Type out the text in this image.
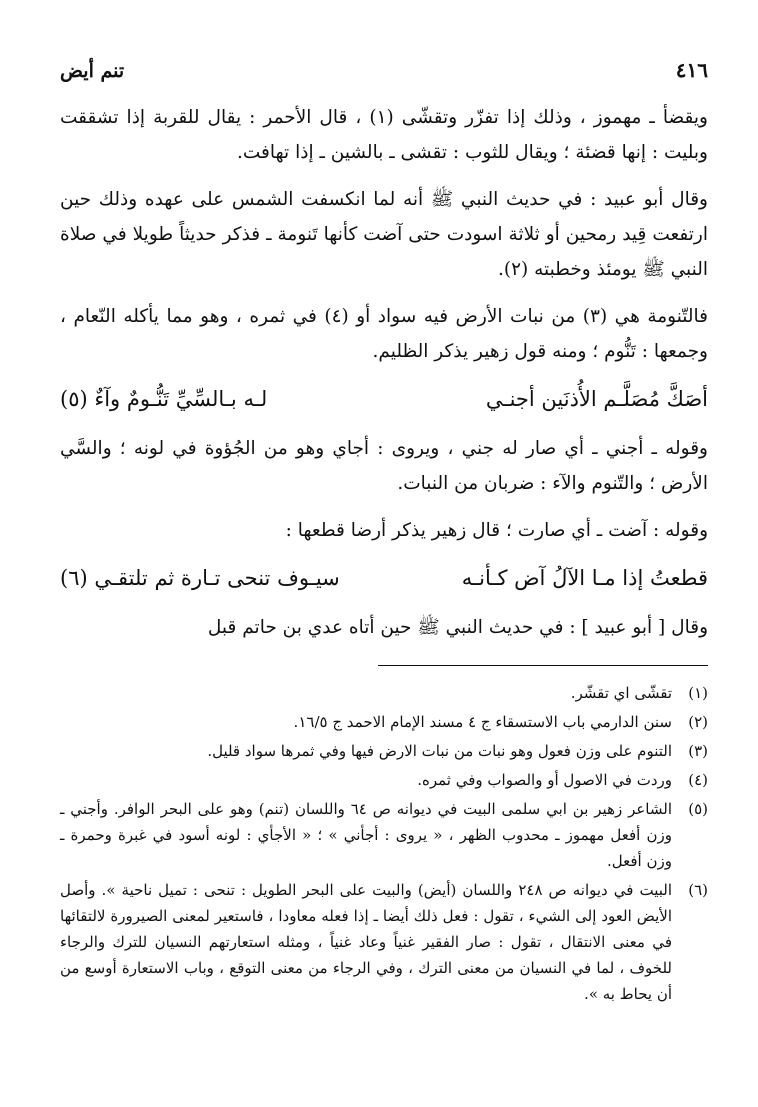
٤١٦
تنم أيض

ويقضأ ـ مهموز ، وذلك إذا تفزّر وتقشّى (١) ، قال الأحمر : يقال للقربة إذا تشققت وبليت : إنها قضئة ؛ ويقال للثوب : تقشى ـ بالشين ـ إذا تهافت.

وقال أبو عبيد : في حديث النبي ﷺ أنه لما انكسفت الشمس على عهده وذلك حين ارتفعت قِيد رمحين أو ثلاثة اسودت حتى آضت كأنها تَنومة ـ فذكر حديثاً طويلا في صلاة النبي ﷺ يومئذ وخطبته (٢).

فالتّنومة هي (٣) من نبات الأرض فيه سواد أو (٤) في ثمره ، وهو مما يأكله النّعام ، وجمعها : تَنُّوم ؛ ومنه قول زهير يذكر الظليم.

أصَكَّ مُصَلَّـم الأُذنَين أجنـي
لـه بـالسِّيِّ تَنُّـومٌ وآءٌ (٥)

وقوله ـ أجني ـ أي صار له جني ، ويروى : أجاي وهو من الجُؤوة في لونه ؛ والسَّي الأرض ؛ والتّنوم والآء : ضربان من النبات.

وقوله : آضت ـ أي صارت ؛ قال زهير يذكر أرضا قطعها :

قطعتُ إذا مـا الآلُ آض كـأنـه
سيـوف تنحى تـارة ثم تلتقـي (٦)

وقال [ أبو عبيد ] : في حديث النبي ﷺ حين أتاه عدي بن حاتم قبل

(١)
تقشّى اي تقشّر.
(٢)
سنن الدارمي باب الاستسقاء ج ٤ مسند الإمام الاحمد ج ١٦/٥.
(٣)
التنوم على وزن فعول وهو نبات من نبات الارض فيها وفي ثمرها سواد قليل.
(٤)
وردت في الاصول أو والصواب وفي ثمره.
(٥)
الشاعر زهير بن ابي سلمى البيت في ديوانه ص ٦٤ واللسان (تنم) وهو على البحر الوافر. وأجني ـ وزن أفعل مهموز ـ محدوب الظهر ، « يروى : أجأني » ؛ « الأجأي : لونه أسود في غبرة وحمرة ـ وزن أفعل.
(٦)
البيت في ديوانه ص ٢٤٨ واللسان (أيض) والبيت على البحر الطويل : تنحى : تميل ناحية ». وأصل الأيض العود إلى الشيء ، تقول : فعل ذلك أيضا ـ إذا فعله معاودا ، فاستعير لمعنى الصيرورة لالتقائها في معنى الانتقال ، تقول : صار الفقير غنياً وعاد غنياً ، ومثله استعارتهم النسيان للترك والرجاء للخوف ، لما في النسيان من معنى الترك ، وفي الرجاء من معنى التوقع ، وباب الاستعارة أوسع من أن يحاط به ».
